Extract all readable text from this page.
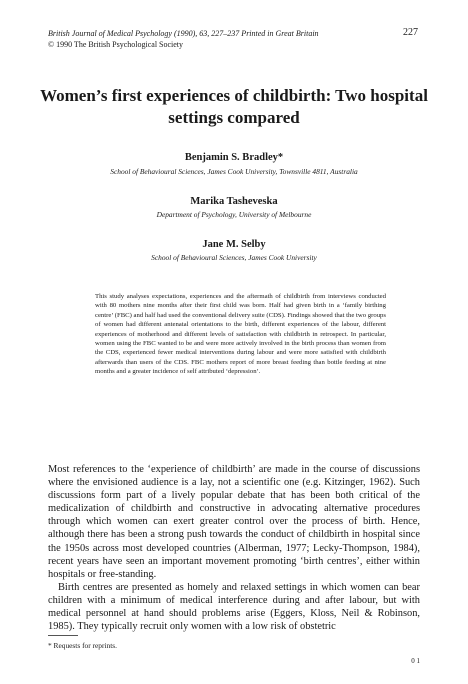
British Journal of Medical Psychology (1990), 63, 227–237 Printed in Great Britain
© 1990 The British Psychological Society
227
Women’s first experiences of childbirth: Two hospital settings compared
Benjamin S. Bradley*
School of Behavioural Sciences, James Cook University, Townsville 4811, Australia
Marika Tasheveska
Department of Psychology, University of Melbourne
Jane M. Selby
School of Behavioural Sciences, James Cook University
This study analyses expectations, experiences and the aftermath of childbirth from interviews conducted with 80 mothers nine months after their first child was born. Half had given birth in a ‘family birthing centre’ (FBC) and half had used the conventional delivery suite (CDS). Findings showed that the two groups of women had different antenatal orientations to the birth, different experiences of the labour, different experiences of motherhood and different levels of satisfaction with childbirth in retrospect. In particular, women using the FBC wanted to be and were more actively involved in the birth process than women from the CDS, experienced fewer medical interventions during labour and were more satisfied with childbirth afterwards than users of the CDS. FBC mothers report of more breast feeding than bottle feeding at nine months and a greater incidence of self attributed ‘depression’.

Most references to the ‘experience of childbirth’ are made in the course of discussions where the envisioned audience is a lay, not a scientific one (e.g. Kitzinger, 1962). Such discussions form part of a lively popular debate that has been both critical of the medicalization of childbirth and constructive in advocating alternative procedures through which women can exert greater control over the process of birth. Hence, although there has been a strong push towards the conduct of childbirth in hospital since the 1950s across most developed countries (Alberman, 1977; Lecky-Thompson, 1984), recent years have seen an important movement promoting ‘birth centres’, either within hospitals or free-standing.

Birth centres are presented as homely and relaxed settings in which women can bear children with a minimum of medical interference during and after labour, but with medical personnel at hand should problems arise (Eggers, Kloss, Neil & Robinson, 1985). They typically recruit only women with a low risk of obstetric

* Requests for reprints.
0 1
